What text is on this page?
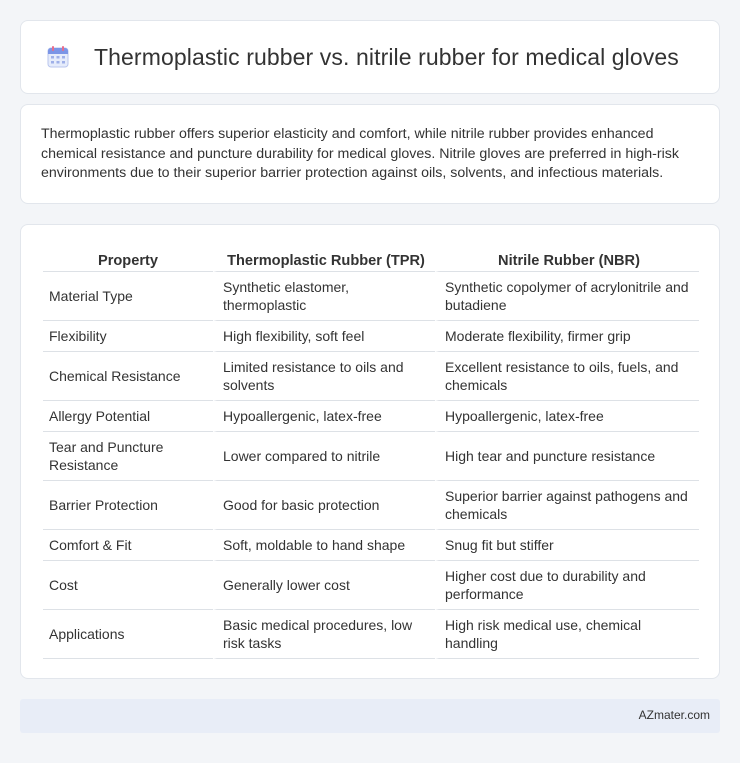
Thermoplastic rubber vs. nitrile rubber for medical gloves

Thermoplastic rubber offers superior elasticity and comfort, while nitrile rubber provides enhanced chemical resistance and puncture durability for medical gloves. Nitrile gloves are preferred in high-risk environments due to their superior barrier protection against oils, solvents, and infectious materials.

Property	Thermoplastic Rubber (TPR)	Nitrile Rubber (NBR)
Material Type	Synthetic elastomer, thermoplastic	Synthetic copolymer of acrylonitrile and butadiene
Flexibility	High flexibility, soft feel	Moderate flexibility, firmer grip
Chemical Resistance	Limited resistance to oils and solvents	Excellent resistance to oils, fuels, and chemicals
Allergy Potential	Hypoallergenic, latex-free	Hypoallergenic, latex-free
Tear and Puncture Resistance	Lower compared to nitrile	High tear and puncture resistance
Barrier Protection	Good for basic protection	Superior barrier against pathogens and chemicals
Comfort & Fit	Soft, moldable to hand shape	Snug fit but stiffer
Cost	Generally lower cost	Higher cost due to durability and performance
Applications	Basic medical procedures, low risk tasks	High risk medical use, chemical handling
AZmater.com
